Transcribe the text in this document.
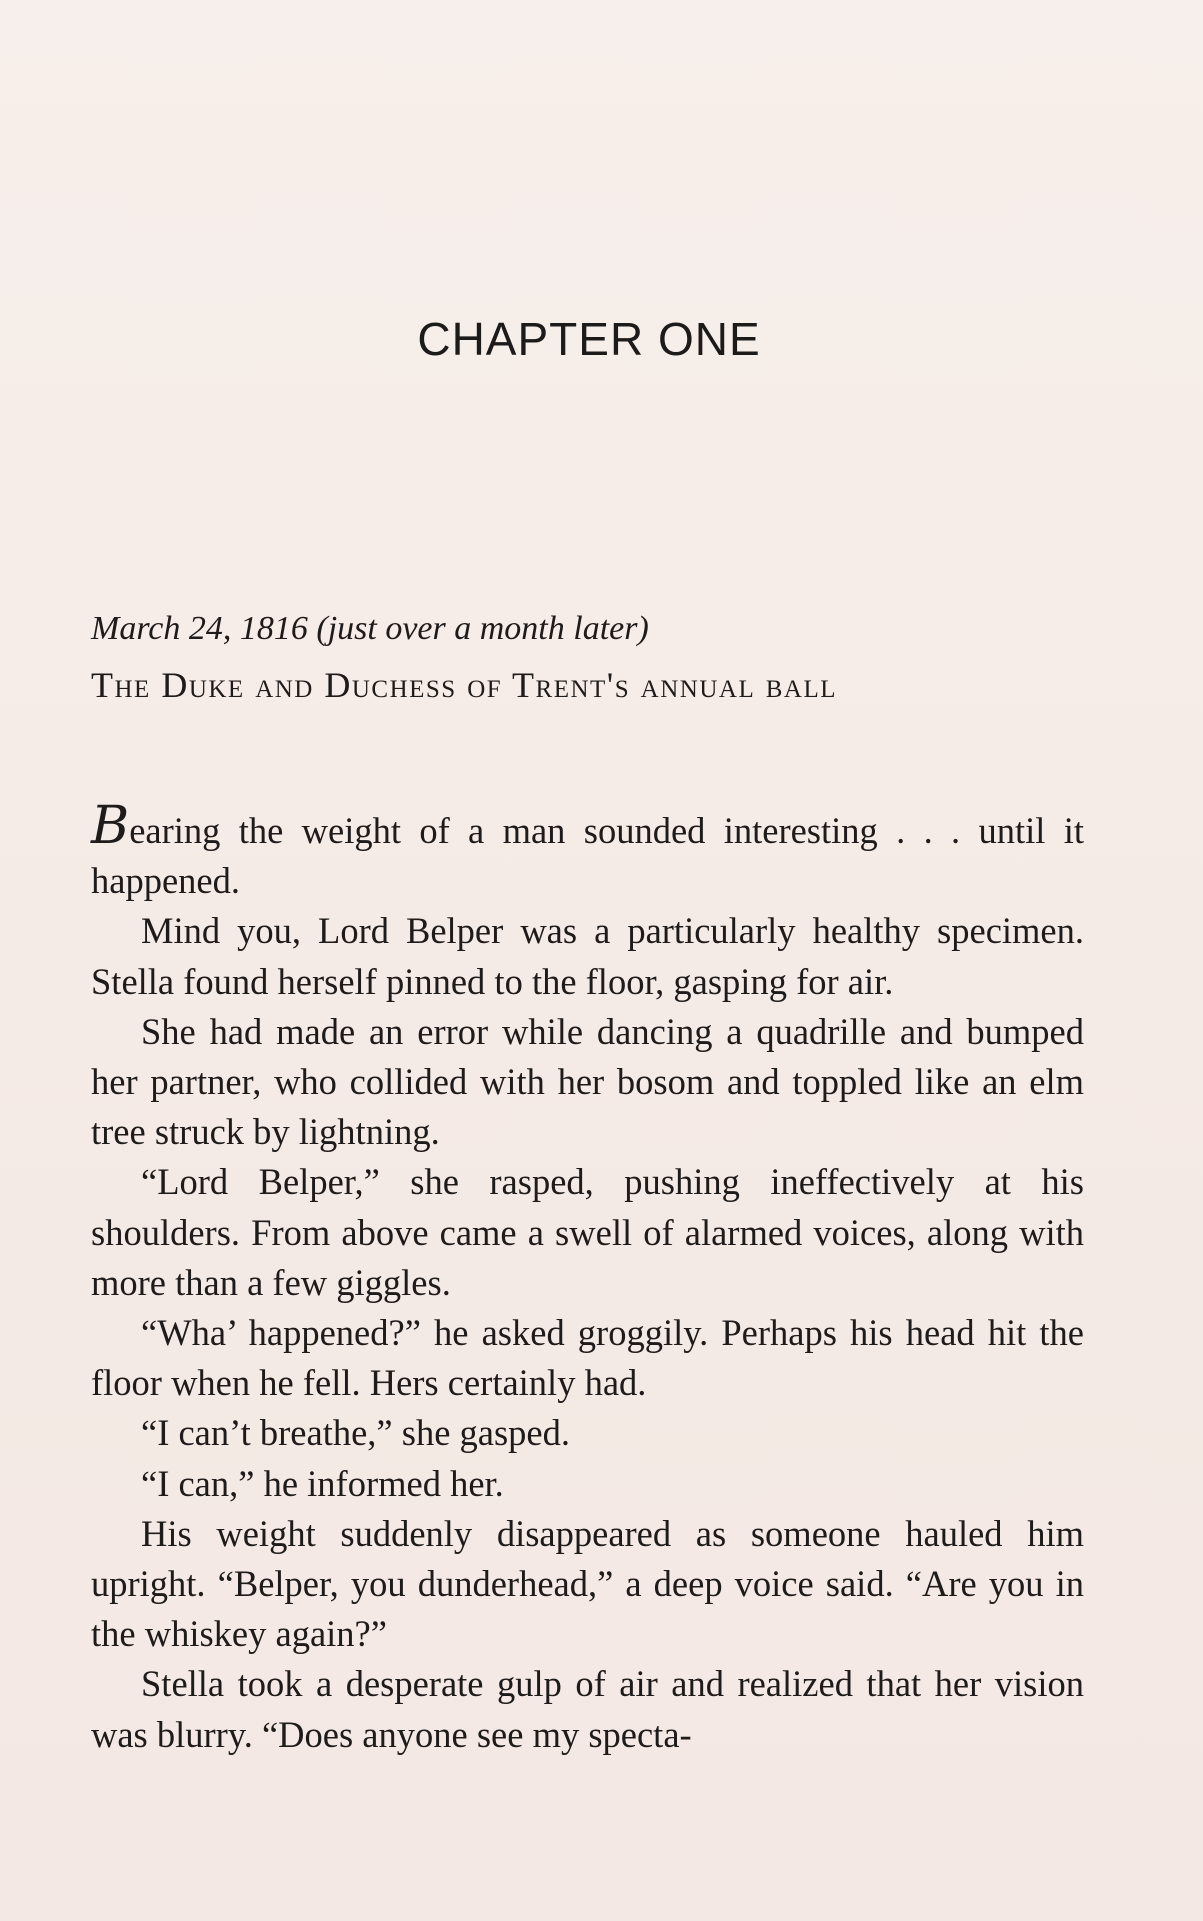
CHAPTER ONE

March 24, 1816 (just over a month later)

The Duke and Duchess of Trent's annual ball

Bearing the weight of a man sounded interesting . . . until it happened.

Mind you, Lord Belper was a particularly healthy specimen. Stella found herself pinned to the floor, gasping for air.

She had made an error while dancing a quadrille and bumped her partner, who collided with her bosom and toppled like an elm tree struck by lightning.

“Lord Belper,” she rasped, pushing ineffectively at his shoulders. From above came a swell of alarmed voices, along with more than a few giggles.

“Wha’ happened?” he asked groggily. Perhaps his head hit the floor when he fell. Hers certainly had.

“I can’t breathe,” she gasped.

“I can,” he informed her.

His weight suddenly disappeared as someone hauled him upright. “Belper, you dunderhead,” a deep voice said. “Are you in the whiskey again?”

Stella took a desperate gulp of air and realized that her vision was blurry. “Does anyone see my specta-
